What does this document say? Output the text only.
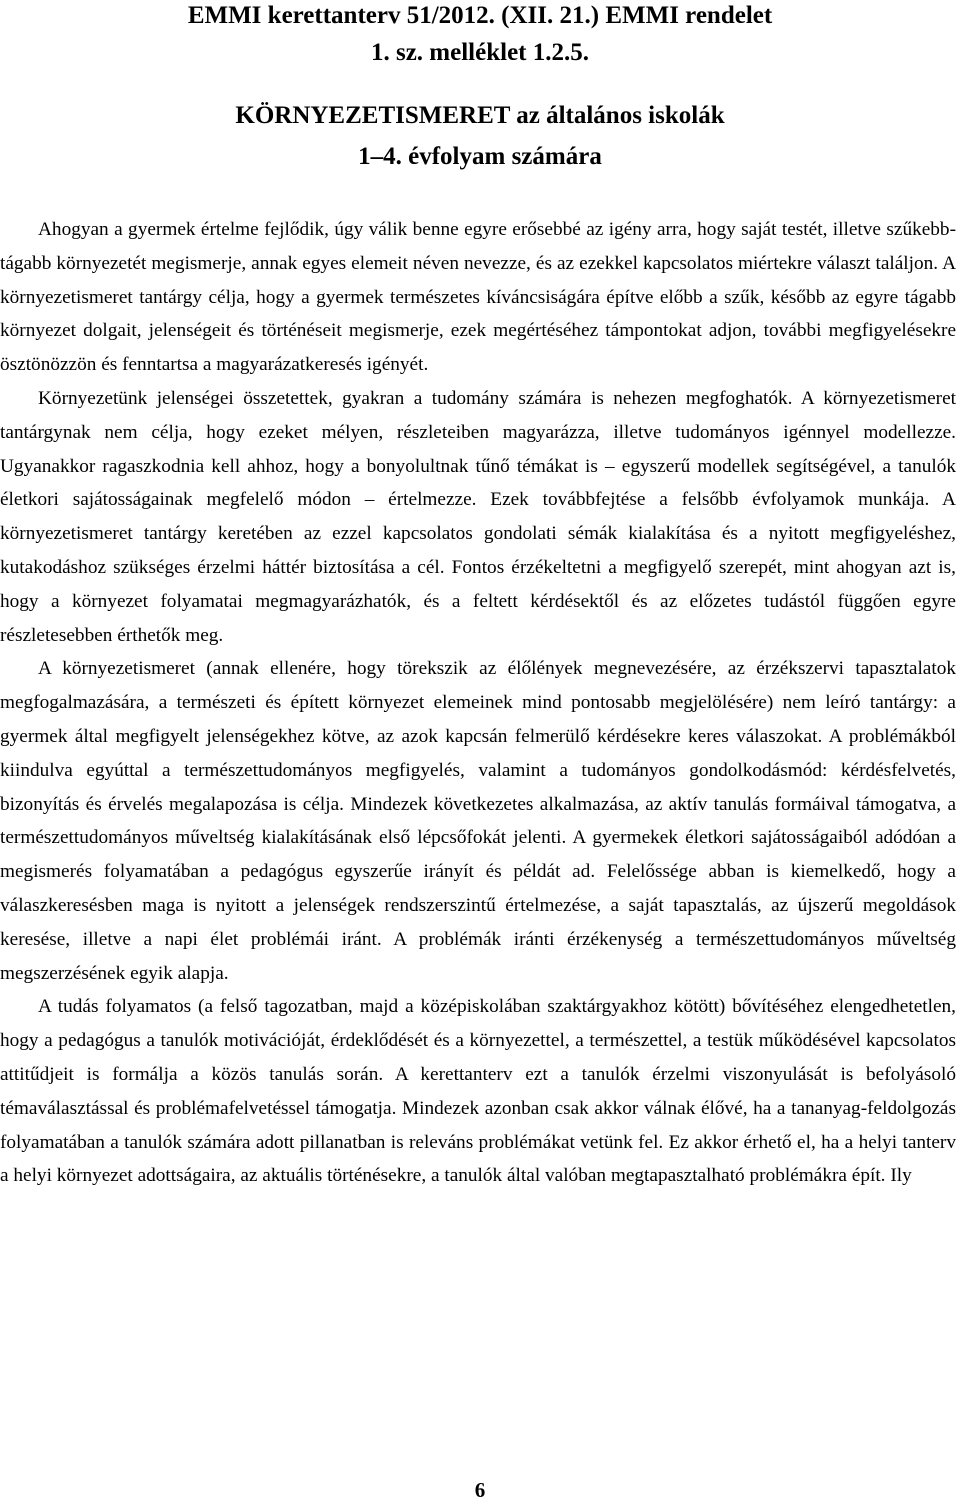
EMMI kerettanterv 51/2012. (XII. 21.) EMMI rendelet
1. sz. melléklet 1.2.5.
KÖRNYEZETISMERET az általános iskolák
1–4. évfolyam számára

Ahogyan a gyermek értelme fejlődik, úgy válik benne egyre erősebbé az igény arra, hogy saját testét, illetve szűkebb-tágabb környezetét megismerje, annak egyes elemeit néven nevezze, és az ezekkel kapcsolatos miértekre választ találjon. A környezetismeret tantárgy célja, hogy a gyermek természetes kíváncsiságára építve előbb a szűk, később az egyre tágabb környezet dolgait, jelenségeit és történéseit megismerje, ezek megértéséhez támpontokat adjon, további megfigyelésekre ösztönözzön és fenntartsa a magyarázatkeresés igényét.

Környezetünk jelenségei összetettek, gyakran a tudomány számára is nehezen megfoghatók. A környezetismeret tantárgynak nem célja, hogy ezeket mélyen, részleteiben magyarázza, illetve tudományos igénnyel modellezze. Ugyanakkor ragaszkodnia kell ahhoz, hogy a bonyolultnak tűnő témákat is – egyszerű modellek segítségével, a tanulók életkori sajátosságainak megfelelő módon – értelmezze. Ezek továbbfejtése a felsőbb évfolyamok munkája. A környezetismeret tantárgy keretében az ezzel kapcsolatos gondolati sémák kialakítása és a nyitott megfigyeléshez, kutakodáshoz szükséges érzelmi háttér biztosítása a cél. Fontos érzékeltetni a megfigyelő szerepét, mint ahogyan azt is, hogy a környezet folyamatai megmagyarázhatók, és a feltett kérdésektől és az előzetes tudástól függően egyre részletesebben érthetők meg.

A környezetismeret (annak ellenére, hogy törekszik az élőlények megnevezésére, az érzékszervi tapasztalatok megfogalmazására, a természeti és épített környezet elemeinek mind pontosabb megjelölésére) nem leíró tantárgy: a gyermek által megfigyelt jelenségekhez kötve, az azok kapcsán felmerülő kérdésekre keres válaszokat. A problémákból kiindulva egyúttal a természettudományos megfigyelés, valamint a tudományos gondolkodásmód: kérdésfelvetés, bizonyítás és érvelés megalapozása is célja. Mindezek következetes alkalmazása, az aktív tanulás formáival támogatva, a természettudományos műveltség kialakításának első lépcsőfokát jelenti. A gyermekek életkori sajátosságaiból adódóan a megismerés folyamatában a pedagógus egyszerűe irányít és példát ad. Felelőssége abban is kiemelkedő, hogy a válaszkeresésben maga is nyitott a jelenségek rendszerszintű értelmezése, a saját tapasztalás, az újszerű megoldások keresése, illetve a napi élet problémái iránt. A problémák iránti érzékenység a természettudományos műveltség megszerzésének egyik alapja.

A tudás folyamatos (a felső tagozatban, majd a középiskolában szaktárgyakhoz kötött) bővítéséhez elengedhetetlen, hogy a pedagógus a tanulók motivációját, érdeklődését és a környezettel, a természettel, a testük működésével kapcsolatos attitűdjeit is formálja a közös tanulás során. A kerettanterv ezt a tanulók érzelmi viszonyulását is befolyásoló témaválasztással és problémafelvetéssel támogatja. Mindezek azonban csak akkor válnak élővé, ha a tananyag-feldolgozás folyamatában a tanulók számára adott pillanatban is releváns problémákat vetünk fel. Ez akkor érhető el, ha a helyi tanterv a helyi környezet adottságaira, az aktuális történésekre, a tanulók által valóban megtapasztalható problémákra épít. Ily

6
